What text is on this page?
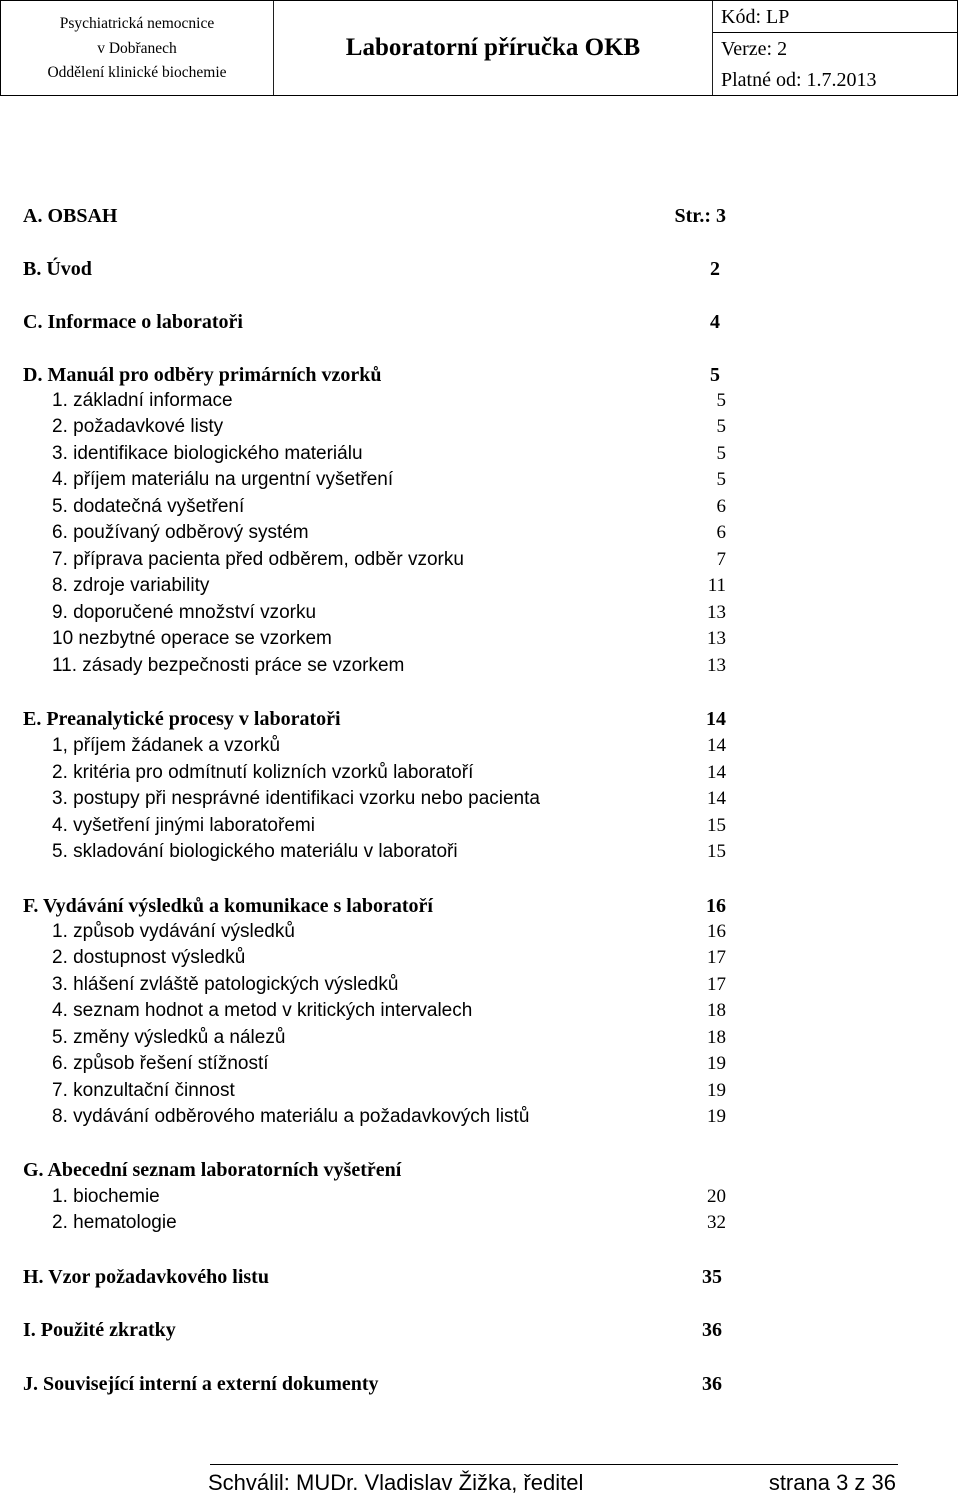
Psychiatrická nemocnice
v Dobřanech
Oddělení klinické biochemie
Laboratorní příručka OKB
Kód: LP
Verze: 2
Platné od: 1.7.2013
A. OBSAH	Str.: 3
B. Úvod	2
C. Informace o laboratoři	4
D. Manuál pro odběry primárních vzorků	5
1. základní informace	5
2. požadavkové listy	5
3. identifikace biologického materiálu	5
4. příjem materiálu na urgentní vyšetření	5
5. dodatečná vyšetření	6
6. používaný odběrový systém	6
7. příprava pacienta před odběrem, odběr vzorku	7
8. zdroje variability	11
9. doporučené množství vzorku	13
10 nezbytné operace se vzorkem	13
11. zásady bezpečnosti práce se vzorkem	13
E. Preanalytické procesy v laboratoři	14
1, příjem žádanek a vzorků	14
2. kritéria pro odmítnutí kolizních vzorků laboratoří	14
3. postupy při nesprávné identifikaci vzorku nebo pacienta	14
4. vyšetření jinými laboratořemi	15
5. skladování biologického materiálu v laboratoři	15
F. Vydávání výsledků a komunikace s laboratoří	16
1. způsob vydávání výsledků	16
2. dostupnost výsledků	17
3. hlášení zvláště patologických výsledků	17
4. seznam hodnot a metod v kritických intervalech	18
5. změny výsledků a nálezů	18
6. způsob řešení stížností	19
7. konzultační činnost	19
8. vydávání odběrového materiálu a požadavkových listů	19
G. Abecední seznam laboratorních vyšetření
1. biochemie	20
2. hematologie	32
H. Vzor požadavkového listu	35
I. Použité zkratky	36
J. Související interní a externí dokumenty	36
Schválil: MUDr. Vladislav Žižka, ředitel	strana 3 z 36
